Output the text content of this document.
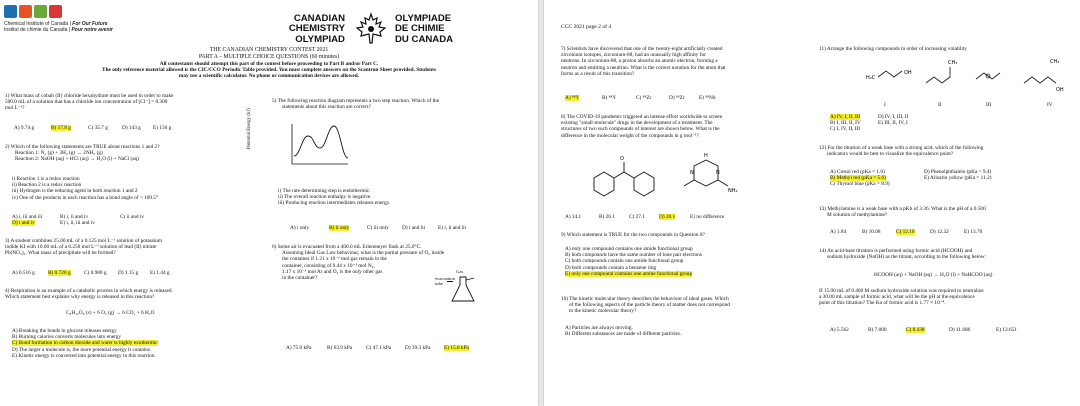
Chemical Institute of Canada | For Our Future
Institut de chimie du Canada | Pour notre avenir
CANADIAN
CHEMISTRY
OLYMPIAD
OLYMPIADE
DE CHIMIE
DU CANADA
THE CANADIAN CHEMISTRY CONTEST 2021
PART A – MULTIPLE CHOICE QUESTIONS (60 minutes)
All contestants should attempt this part of the contest before proceeding to Part B and/or Part C.
The only reference material allowed is the CIC/CCO Periodic Table provided. You must complete answers on the Scantron Sheet provided. Students
may use a scientific calculator. No phone or communication devices are allowed.
1) What mass of cobalt (II) chloride hexahydrate must be used in order to make
500.0 mL of a solution that has a chloride ion concentration of [Cl⁻] = 0.300
mol L⁻¹?
A) 9.74 g	B) 17.8 g	C) 35.7 g	D) 143 g E) 150 g
2) Which of the following statements are TRUE about reactions 1 and 2?
Reaction 1: N₂ (g) + 3H₂ (g) → 2NH₃ (g)
Reaction 2: NaOH (aq) + HCl (aq) → H₂O (l) + NaCl (aq)
i) Reaction 1 is a redox reaction
ii) Reaction 2 is a redox reaction
iii) Hydrogen is the reducing agent in both reaction 1 and 2
iv) One of the products in each reaction has a bond angle of < 109.5°
A) i, iii and iii	B) i, ii and iv	C) ii and iv
D) i and iv	E) i, ii, iii and iv
3) A student combines 25.00 mL of a 0.125 mol L⁻¹ solution of potassium
iodide KI with 10.00 mL of a 0.250 mol L⁻¹ solution of lead (II) nitrate
Pb(NO₃)₂. What mass of precipitate will be formed?
A) 0.516 g B) 0.720 g	C) 0.980 g D) 1.15 g E) 1.44 g
4) Respiration is an example of a catabolic process in which energy is released.
Which statement best explains why energy is released in this reaction?
C₆H₁₂O₆ (s) + 6 O₂ (g) → 6 CO₂ + 6 H₂O
A) Breaking the bonds in glucose releases energy
B) Burning calories converts molecules into energy
C) Bond formation in carbon dioxide and water is highly exothermic
D) The larger a molecule is, the more potential energy it contains.
E) Kinetic energy is converted into potential energy in this reaction.
5) The following reaction diagram represents a two step reaction. Which of the
statements about this reaction are correct?
Potential Energy (kJ)
i) The rate determining step is endothermic.
ii) The overall reaction enthalpy is negative.
iii) Producing reaction intermediates releases energy.
A) i only	B) ii only	C) iii only D) i and iii E) i, ii and iii
6) Some air is evacuated from a 400.0 mL Erlenmeyer flask at 25.0°C.
Assuming Ideal Gas Law behaviour, what is the partial pressure of O₂ inside
the container if 1.21 x 10⁻² mol gas remain in the
container, consisting of 9.44 x 10⁻³ mol N₂,
1.17 x 10⁻³ mol Ar and O₂ is the only other gas
in the container?
Gas
evacuation
tube
A) 75.0 kPa	B) 63.9 kPa	C) 47.1 kPa	D) 39.3 kPa	E) 15.8 kPa
CCC 2021 page 2 of 4
7) Scientists have discovered that one of the twenty-eight artificially created
zirconium isotopes, zirconium-88, had an unusually high affinity for
neutrons. In zirconium-88, a proton absorbs an atomic electron, forming a
neutron and emitting a neutrino. What is the correct notation for the atom that
forms as a result of this transition?
A) ⁸⁸Y	B) ⁸⁸Y	C) ⁸⁸Zr	D) ⁸⁹Zr	E) ⁸⁸Nb
8) The COVID-19 pandemic triggered an intense effort worldwide to screen
existing "small-molecule" drugs in the development of a treatment. The
structures of two such compounds of interest are shown below. What is the
difference in the molecular weight of the compounds in g mol⁻¹?
O	H
N	N
NH₂
A) 14.1	B) 26.1	C) 27.1	D) 28.1	E) no difference
9) Which statement is TRUE for the two compounds in Question 8?
A) only one compound contains one amide functional group
B) both compounds have the same number of lone pair electrons
C) both compounds contain one amide functional group
D) both compounds contain a benzene ring
E) only one compound contains one amine functional group
10) The kinetic molecular theory describes the behaviour of ideal gases. Which
of the following aspects of the particle theory of matter does not correspond
to the kinetic molecular theory?
A) Particles are always moving.
B) Different substances are made of different particles.
11) Arrange the following compounds in order of increasing volatility
H₃C
OH
CH₃	CH₃
OH
I	II	III	IV
A) IV, I, II, III
B) I, III, II, IV
C) I, IV, II, III
D) IV, I, III, II
E) III, II, IV, I
12) For the titration of a weak base with a strong acid, which of the following
indicators would be best to visualize the equivalence point?
A) Cresol red (pKa = 1.0)
B) Methyl red (pKa = 5.0)
C) Thymol blue (pKa = 8.9)
D) Phenolphthalein (pKa = 9.4)
E) Alizarin yellow (pKa = 11.2)
13) Methylamine is a weak base with a pKb of 3.36. What is the pH of a 0.500
M solution of methylamine?
A) 1.84	B) 10.08	C) 12.16	D) 12.32	E) 13.70
14) An acid-base titration is performed using formic acid (HCOOH) and
sodium hydroxide (NaOH) as the titrant, according to the following below:
HCOOH (aq) + NaOH (aq) → H₂O (l) + NaHCOO (aq)
If 15.00 mL of 0.400 M sodium hydroxide solution was required to neutralize
a 30.00 mL sample of formic acid, what will be the pH at the equivalence
point of this titration? The Ka of formic acid is 1.77 × 10⁻⁴.
A) 5.562	B) 7.000	C) 8.438	D) 11.686	E) 13.651
